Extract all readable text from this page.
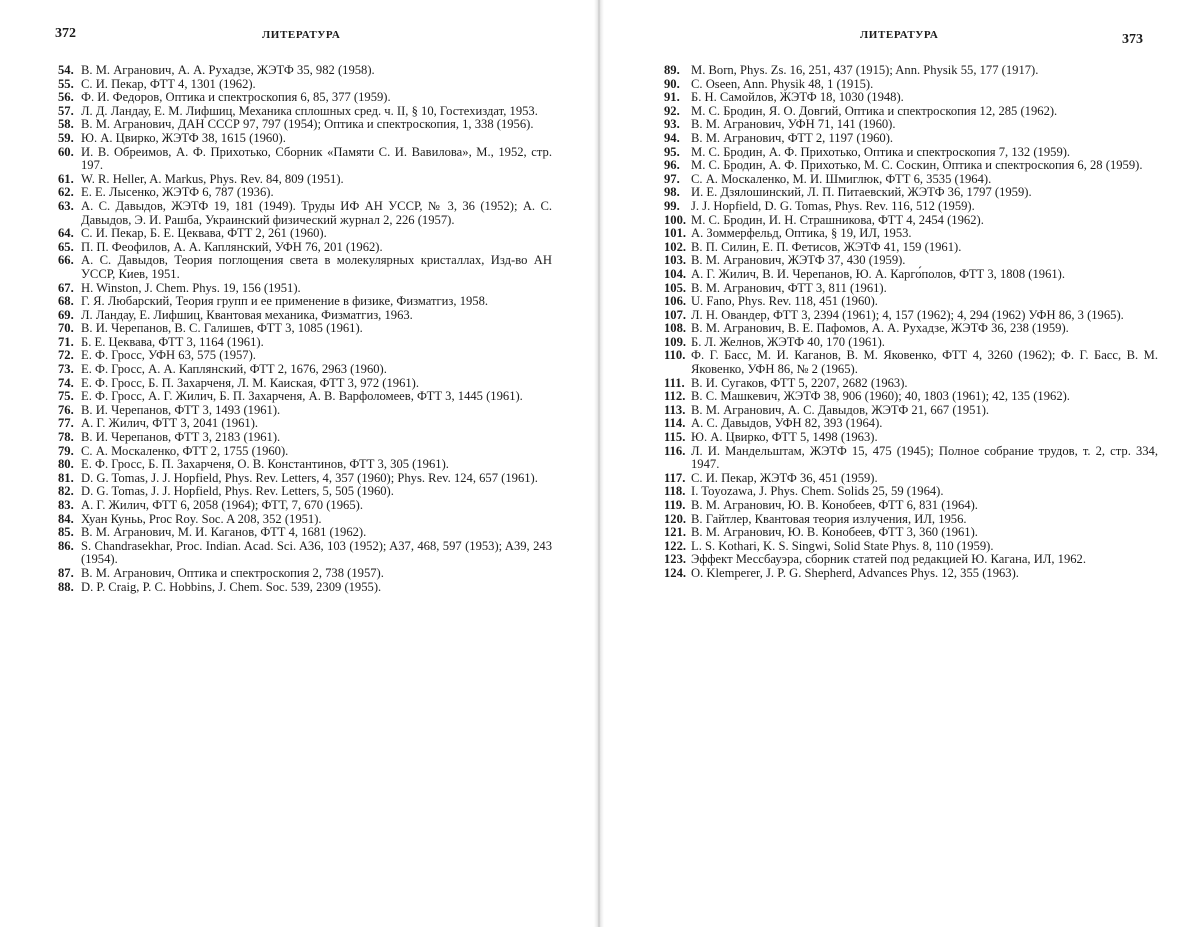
372	ЛИТЕРАТУРА
54. В. М. Агранович, А. А. Рухадзе, ЖЭТФ 35, 982 (1958).
55. С. И. Пекар, ФТТ 4, 1301 (1962).
56. Ф. И. Федоров, Оптика и спектроскопия 6, 85, 377 (1959).
57. Л. Д. Ландау, Е. М. Лифшиц, Механика сплошных сред. ч. II, § 10, Гостехиздат, 1953.
58. В. М. Агранович, ДАН СССР 97, 797 (1954); Оптика и спектроскопия, 1, 338 (1956).
59. Ю. А. Цвирко, ЖЭТФ 38, 1615 (1960).
60. И. В. Обреимов, А. Ф. Прихотько, Сборник «Памяти С. И. Вавилова», М., 1952, стр. 197.
61. W. R. Heller, A. Markus, Phys. Rev. 84, 809 (1951).
62. Е. Е. Лысенко, ЖЭТФ 6, 787 (1936).
63. А. С. Давыдов, ЖЭТФ 19, 181 (1949). Труды ИФ АН УССР, № 3, 36 (1952); А. С. Давыдов, Э. И. Рашба, Украинский физический журнал 2, 226 (1957).
64. С. И. Пекар, Б. Е. Цеквава, ФТТ 2, 261 (1960).
65. П. П. Феофилов, А. А. Каплянский, УФН 76, 201 (1962).
66. А. С. Давыдов, Теория поглощения света в молекулярных кристаллах, Изд-во АН УССР, Киев, 1951.
67. H. Winston, J. Chem. Phys. 19, 156 (1951).
68. Г. Я. Любарский, Теория групп и ее применение в физике, Физматгиз, 1958.
69. Л. Ландау, Е. Лифшиц, Квантовая механика, Физматгиз, 1963.
70. В. И. Черепанов, В. С. Галишев, ФТТ 3, 1085 (1961).
71. Б. Е. Цеквава, ФТТ 3, 1164 (1961).
72. Е. Ф. Гросс, УФН 63, 575 (1957).
73. Е. Ф. Гросс, А. А. Каплянский, ФТТ 2, 1676, 2963 (1960).
74. Е. Ф. Гросс, Б. П. Захарченя, Л. М. Каиская, ФТТ 3, 972 (1961).
75. Е. Ф. Гросс, А. Г. Жилич, Б. П. Захарченя, А. В. Варфоломеев, ФТТ 3, 1445 (1961).
76. В. И. Черепанов, ФТТ 3, 1493 (1961).
77. А. Г. Жилич, ФТТ 3, 2041 (1961).
78. В. И. Черепанов, ФТТ 3, 2183 (1961).
79. С. А. Москаленко, ФТТ 2, 1755 (1960).
80. Е. Ф. Гросс, Б. П. Захарченя, О. В. Константинов, ФТТ 3, 305 (1961).
81. D. G. Tomas, J. J. Hopfield, Phys. Rev. Letters, 4, 357 (1960); Phys. Rev. 124, 657 (1961).
82. D. G. Tomas, J. J. Hopfield, Phys. Rev. Letters, 5, 505 (1960).
83. А. Г. Жилич, ФТТ 6, 2058 (1964); ФТТ, 7, 670 (1965).
84. Хуан Куньь, Proc Roy. Soc. A 208, 352 (1951).
85. В. М. Агранович, М. И. Каганов, ФТТ 4, 1681 (1962).
86. S. Chandrasekhar, Proc. Indian. Acad. Sci. A36, 103 (1952); A37, 468, 597 (1953); A39, 243 (1954).
87. В. М. Агранович, Оптика и спектроскопия 2, 738 (1957).
88. D. P. Craig, P. C. Hobbins, J. Chem. Soc. 539, 2309 (1955).
ЛИТЕРАТУРА	373
89. M. Born, Phys. Zs. 16, 251, 437 (1915); Ann. Physik 55, 177 (1917).
90. C. Oseen, Ann. Physik 48, 1 (1915).
91. Б. Н. Самойлов, ЖЭТФ 18, 1030 (1948).
92. М. С. Бродин, Я. О. Довгий, Оптика и спектроскопия 12, 285 (1962).
93. В. М. Агранович, УФН 71, 141 (1960).
94. В. М. Агранович, ФТТ 2, 1197 (1960).
95. М. С. Бродин, А. Ф. Прихотько, Оптика и спектроскопия 7, 132 (1959).
96. М. С. Бродин, А. Ф. Прихотько, М. С. Соскин, Оптика и спектроскопия 6, 28 (1959).
97. С. А. Москаленко, М. И. Шмиглюк, ФТТ 6, 3535 (1964).
98. И. Е. Дзялошинский, Л. П. Питаевский, ЖЭТФ 36, 1797 (1959).
99. J. J. Hopfield, D. G. Tomas, Phys. Rev. 116, 512 (1959).
100. М. С. Бродин, И. Н. Страшникова, ФТТ 4, 2454 (1962).
101. А. Зоммерфельд, Оптика, § 19, ИЛ, 1953.
102. В. П. Силин, Е. П. Фетисов, ЖЭТФ 41, 159 (1961).
103. В. М. Агранович, ЖЭТФ 37, 430 (1959).
104. А. Г. Жилич, В. И. Черепанов, Ю. А. Карго́полов, ФТТ 3, 1808 (1961).
105. В. М. Агранович, ФТТ 3, 811 (1961).
106. U. Fano, Phys. Rev. 118, 451 (1960).
107. Л. Н. Овандер, ФТТ 3, 2394 (1961); 4, 157 (1962); 4, 294 (1962) УФН 86, 3 (1965).
108. В. М. Агранович, В. Е. Пафомов, А. А. Рухадзе, ЖЭТФ 36, 238 (1959).
109. Б. Л. Желнов, ЖЭТФ 40, 170 (1961).
110. Ф. Г. Басс, М. И. Каганов, В. М. Яковенко, ФТТ 4, 3260 (1962); Ф. Г. Басс, В. М. Яковенко, УФН 86, № 2 (1965).
111. В. И. Сугаков, ФТТ 5, 2207, 2682 (1963).
112. В. С. Машкевич, ЖЭТФ 38, 906 (1960); 40, 1803 (1961); 42, 135 (1962).
113. В. М. Агранович, А. С. Давыдов, ЖЭТФ 21, 667 (1951).
114. А. С. Давыдов, УФН 82, 393 (1964).
115. Ю. А. Цвирко, ФТТ 5, 1498 (1963).
116. Л. И. Мандельштам, ЖЭТФ 15, 475 (1945); Полное собрание трудов, т. 2, стр. 334, 1947.
117. С. И. Пекар, ЖЭТФ 36, 451 (1959).
118. I. Toyozawa, J. Phys. Chem. Solids 25, 59 (1964).
119. В. М. Агранович, Ю. В. Конобеев, ФТТ 6, 831 (1964).
120. В. Гайтлер, Квантовая теория излучения, ИЛ, 1956.
121. В. М. Агранович, Ю. В. Конобеев, ФТТ 3, 360 (1961).
122. L. S. Kothari, K. S. Singwi, Solid State Phys. 8, 110 (1959).
123. Эффект Мессбауэра, сборник статей под редакцией Ю. Кагана, ИЛ, 1962.
124. O. Klemperer, J. P. G. Shepherd, Advances Phys. 12, 355 (1963).
